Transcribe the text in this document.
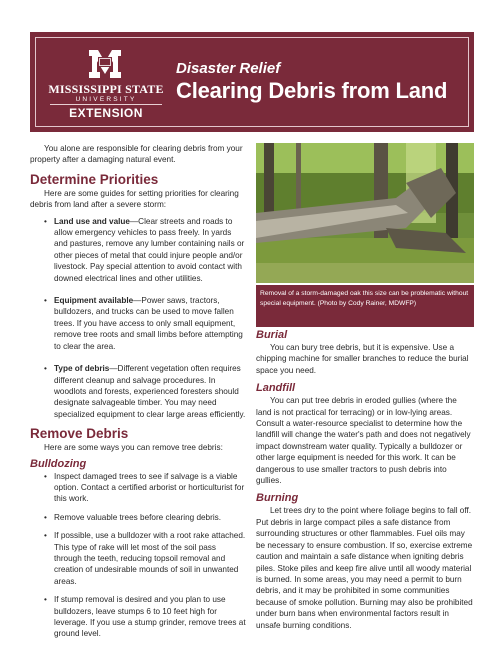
MISSISSIPPI STATE
UNIVERSITY
EXTENSION
Disaster Relief
Clearing Debris from Land

You alone are responsible for clearing debris from your property after a damaging natural event.

Determine Priorities

Here are some guides for setting priorities for clearing debris from land after a severe storm:

• Land use and value—Clear streets and roads to allow emergency vehicles to pass freely. In yards and pastures, remove any lumber containing nails or other pieces of metal that could injure people and/or livestock. Pay special attention to avoid contact with downed electrical lines and other utilities.
• Equipment available—Power saws, tractors, bulldozers, and trucks can be used to move fallen trees. If you have access to only small equipment, remove tree roots and small limbs before attempting to clear the area.
• Type of debris—Different vegetation often requires different cleanup and salvage procedures. In woodlots and forests, experienced foresters should designate salvageable timber. You may need specialized equipment to clear large areas efficiently.
Remove Debris

Here are some ways you can remove tree debris:

Bulldozing
• Inspect damaged trees to see if salvage is a viable option. Contact a certified arborist or horticulturist for this work.
• Remove valuable trees before clearing debris.
• If possible, use a bulldozer with a root rake attached. This type of rake will let most of the soil pass through the teeth, reducing topsoil removal and creation of undesirable mounds of soil in unwanted areas.
• If stump removal is desired and you plan to use bulldozers, leave stumps 6 to 10 feet high for leverage. If you use a stump grinder, remove trees at ground level.
Removal of a storm-damaged oak this size can be problematic without special equipment. (Photo by Cody Rainer, MDWFP)
Burial

You can bury tree debris, but it is expensive. Use a chipping machine for smaller branches to reduce the burial space you need.

Landfill

You can put tree debris in eroded gullies (where the land is not practical for terracing) or in low-lying areas. Consult a water-resource specialist to determine how the landfill will change the water's path and does not negatively impact downstream water quality. Typically a bulldozer or other large equipment is needed for this work. It can be dangerous to use smaller tractors to push debris into gullies.

Burning

Let trees dry to the point where foliage begins to fall off. Put debris in large compact piles a safe distance from surrounding structures or other flammables. Fuel oils may be necessary to ensure combustion. If so, exercise extreme caution and maintain a safe distance when igniting debris piles. Stoke piles and keep fire alive until all woody material is burned. In some areas, you may need a permit to burn debris, and it may be prohibited in some communities because of smoke pollution. Burning may also be prohibited under burn bans when environmental factors result in unsafe burning conditions.
